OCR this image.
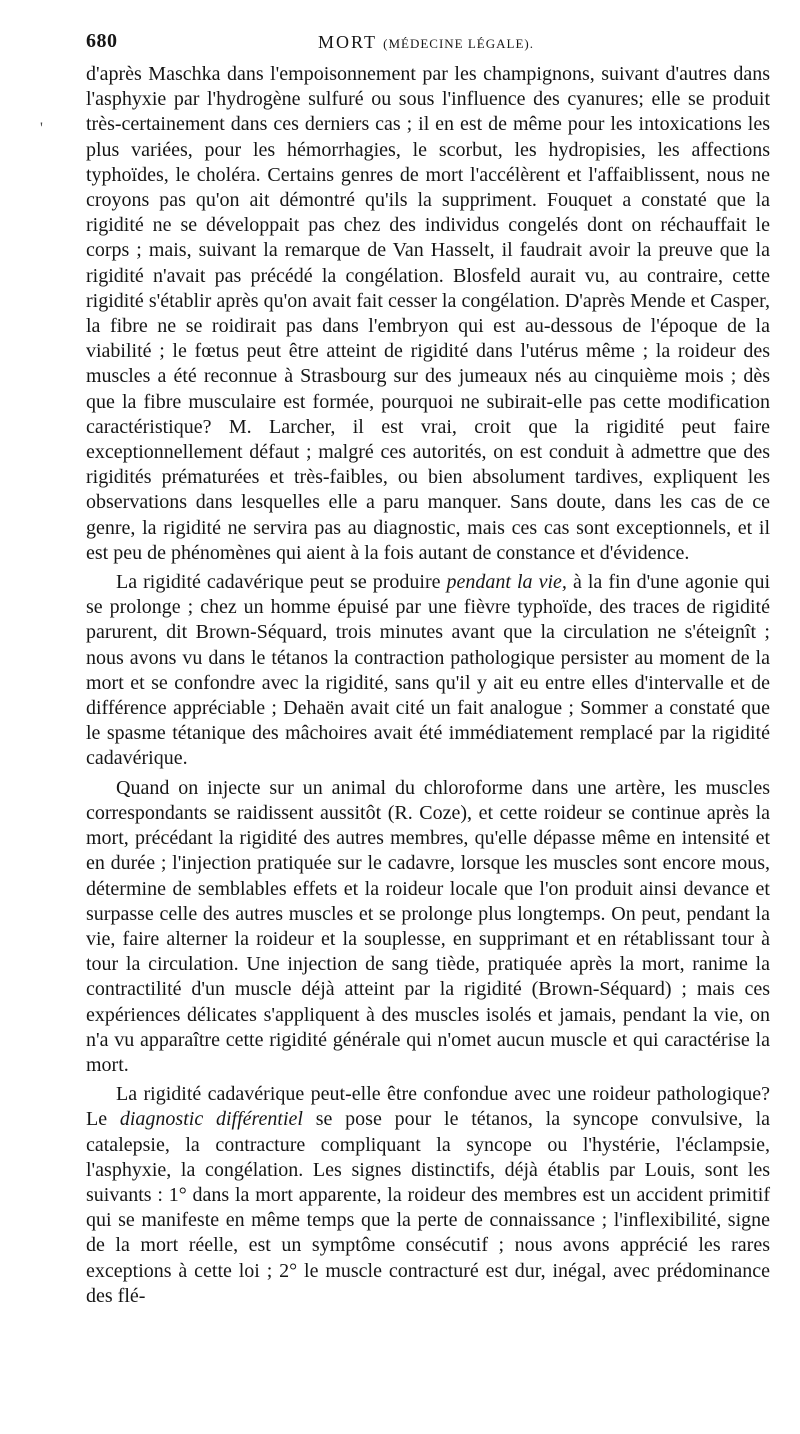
680	MORT (MÉDECINE LÉGALE).
'

d'après Maschka dans l'empoisonnement par les champignons, suivant d'autres dans l'asphyxie par l'hydrogène sulfuré ou sous l'influence des cyanures; elle se produit très-certainement dans ces derniers cas ; il en est de même pour les intoxications les plus variées, pour les hémorrhagies, le scorbut, les hydropisies, les affections typhoïdes, le choléra. Certains genres de mort l'accélèrent et l'affaiblissent, nous ne croyons pas qu'on ait démontré qu'ils la suppriment. Fouquet a constaté que la rigidité ne se développait pas chez des individus congelés dont on réchauffait le corps ; mais, suivant la remarque de Van Hasselt, il faudrait avoir la preuve que la rigidité n'avait pas précédé la congélation. Blosfeld aurait vu, au contraire, cette rigidité s'établir après qu'on avait fait cesser la congélation. D'après Mende et Casper, la fibre ne se roidirait pas dans l'embryon qui est au-dessous de l'époque de la viabilité ; le fœtus peut être atteint de rigidité dans l'utérus même ; la roideur des muscles a été reconnue à Strasbourg sur des jumeaux nés au cinquième mois ; dès que la fibre musculaire est formée, pourquoi ne subirait-elle pas cette modification caractéristique? M. Larcher, il est vrai, croit que la rigidité peut faire exceptionnellement défaut ; malgré ces autorités, on est conduit à admettre que des rigidités prématurées et très-faibles, ou bien absolument tardives, expliquent les observations dans lesquelles elle a paru manquer. Sans doute, dans les cas de ce genre, la rigidité ne servira pas au diagnostic, mais ces cas sont exceptionnels, et il est peu de phénomènes qui aient à la fois autant de constance et d'évidence.

La rigidité cadavérique peut se produire pendant la vie, à la fin d'une agonie qui se prolonge ; chez un homme épuisé par une fièvre typhoïde, des traces de rigidité parurent, dit Brown-Séquard, trois minutes avant que la circulation ne s'éteignît ; nous avons vu dans le tétanos la contraction pathologique persister au moment de la mort et se confondre avec la rigidité, sans qu'il y ait eu entre elles d'intervalle et de différence appréciable ; Dehaën avait cité un fait analogue ; Sommer a constaté que le spasme tétanique des mâchoires avait été immédiatement remplacé par la rigidité cadavérique.

Quand on injecte sur un animal du chloroforme dans une artère, les muscles correspondants se raidissent aussitôt (R. Coze), et cette roideur se continue après la mort, précédant la rigidité des autres membres, qu'elle dépasse même en intensité et en durée ; l'injection pratiquée sur le cadavre, lorsque les muscles sont encore mous, détermine de semblables effets et la roideur locale que l'on produit ainsi devance et surpasse celle des autres muscles et se prolonge plus longtemps. On peut, pendant la vie, faire alterner la roideur et la souplesse, en supprimant et en rétablissant tour à tour la circulation. Une injection de sang tiède, pratiquée après la mort, ranime la contractilité d'un muscle déjà atteint par la rigidité (Brown-Séquard) ; mais ces expériences délicates s'appliquent à des muscles isolés et jamais, pendant la vie, on n'a vu apparaître cette rigidité générale qui n'omet aucun muscle et qui caractérise la mort.

La rigidité cadavérique peut-elle être confondue avec une roideur pathologique? Le diagnostic différentiel se pose pour le tétanos, la syncope convulsive, la catalepsie, la contracture compliquant la syncope ou l'hystérie, l'éclampsie, l'asphyxie, la congélation. Les signes distinctifs, déjà établis par Louis, sont les suivants : 1° dans la mort apparente, la roideur des membres est un accident primitif qui se manifeste en même temps que la perte de connaissance ; l'inflexibilité, signe de la mort réelle, est un symptôme consécutif ; nous avons apprécié les rares exceptions à cette loi ; 2° le muscle contracturé est dur, inégal, avec prédominance des flé-
